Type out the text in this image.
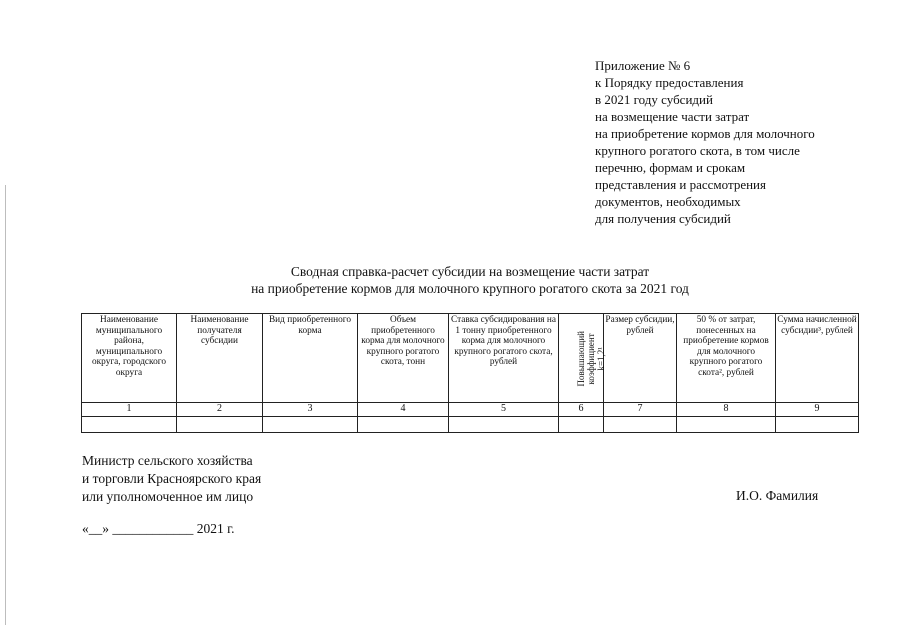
Приложение № 6
к Порядку предоставления
в 2021 году субсидий
на возмещение части затрат
на приобретение кормов для молочного
крупного рогатого скота, в том числе
перечню, формам и срокам
представления и рассмотрения
документов, необходимых
для получения субсидий
Сводная справка-расчет субсидии на возмещение части затрат
на приобретение кормов для молочного крупного рогатого скота за 2021 год
Наименование муниципального района, муниципального округа, городского округа	Наименование получателя субсидии	Вид приобретенного корма	Объем приобретенного корма для молочного крупного рогатого скота, тонн	Ставка субсидирования на 1 тонну приобретенного корма для молочного крупного рогатого скота, рублей	Повышающий
коэффициент
k=1,2¹	Размер субсидии, рублей	50 % от затрат, понесенных на приобретение кормов для молочного крупного рогатого скота², рублей	Сумма начисленной субсидии³, рублей
1	2	3	4	5	6	7	8	9

Министр сельского хозяйства
и торговли Красноярского края
или уполномоченное им лицо	И.О. Фамилия
«__» ____________ 2021 г.
